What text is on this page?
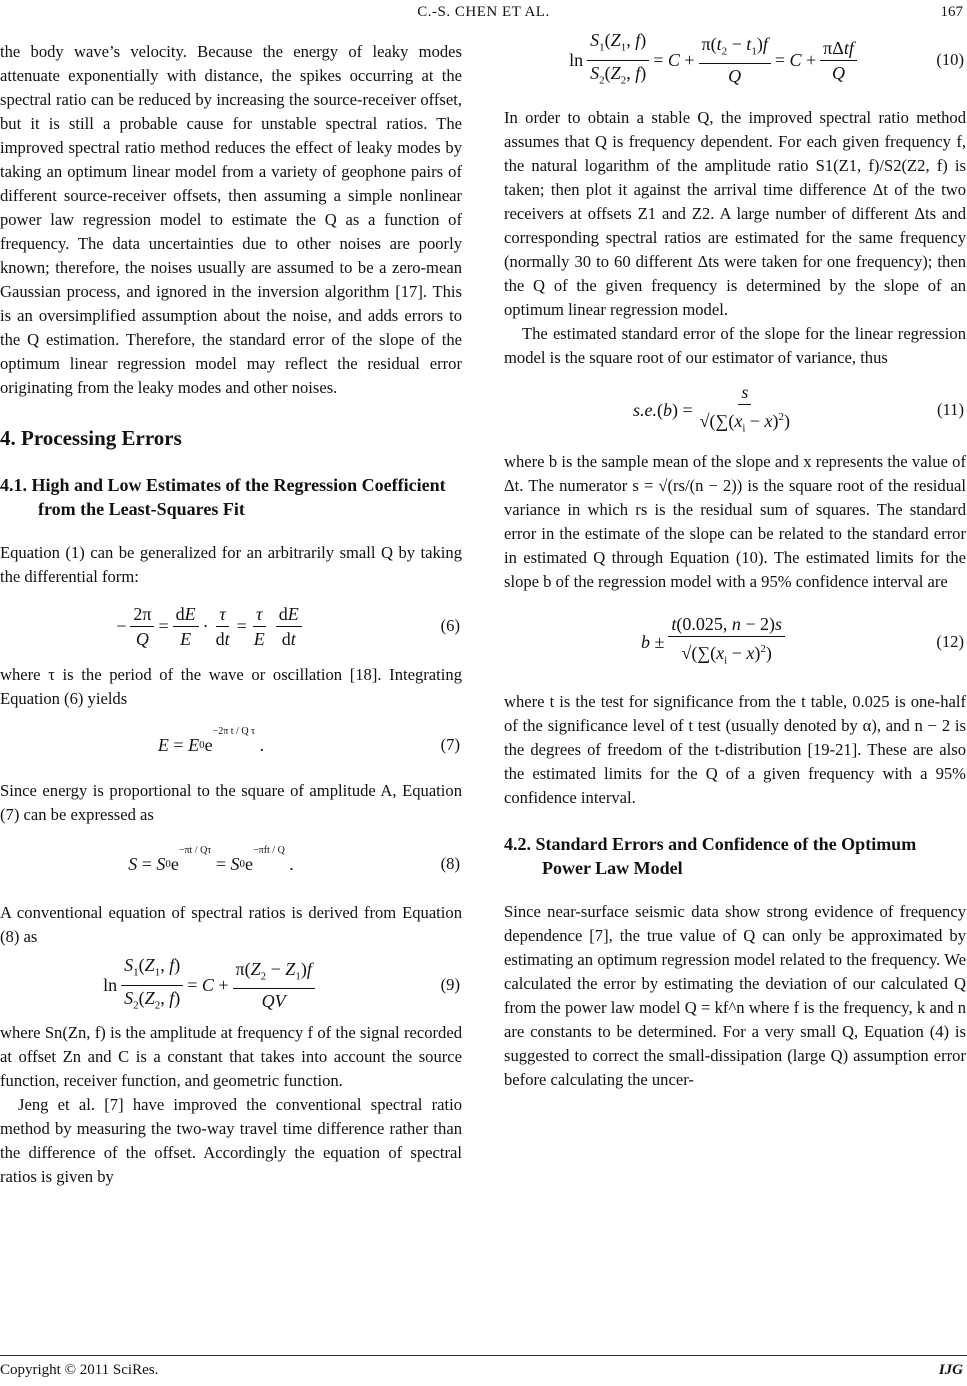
C.-S. CHEN ET AL.	167

the body wave’s velocity. Because the energy of leaky modes attenuate exponentially with distance, the spikes occurring at the spectral ratio can be reduced by increasing the source-receiver offset, but it is still a probable cause for unstable spectral ratios. The improved spectral ratio method reduces the effect of leaky modes by taking an optimum linear model from a variety of geophone pairs of different source-receiver offsets, then assuming a simple nonlinear power law regression model to estimate the Q as a function of frequency. The data uncertainties due to other noises are poorly known; therefore, the noises usually are assumed to be a zero-mean Gaussian process, and ignored in the inversion algorithm [17]. This is an oversimplified assumption about the noise, and adds errors to the Q estimation. Therefore, the standard error of the slope of the optimum linear regression model may reflect the residual error originating from the leaky modes and other noises.

4. Processing Errors
4.1. High and Low Estimates of the Regression Coefficient from the Least-Squares Fit

Equation (1) can be generalized for an arbitrarily small Q by taking the differential form:

− $\frac{2\pi}{Q} = \frac{dE}{E} \cdot \frac{\tau}{dt} = \frac{\tau}{E} \frac{dE}{dt}$	(6)

where τ is the period of the wave or oscillation [18]. Integrating Equation (6) yields

E = E 0 e
−2π t / Q τ
.	(7)

Since energy is proportional to the square of amplitude A, Equation (7) can be expressed as

S = S 0 e
−πt / Qτ
= S 0 e
−πft / Q
.	(8)

A conventional equation of spectral ratios is derived from Equation (8) as

$\ln \frac{S_1(Z_1, f)}{S_2(Z_2, f)} = C + \frac{\pi(Z_2 - Z_1)f}{QV}$	(9)

where Sn(Zn, f) is the amplitude at frequency f of the signal recorded at offset Zn and C is a constant that takes into account the source function, receiver function, and geometric function.

Jeng et al. [7] have improved the conventional spectral ratio method by measuring the two-way travel time difference rather than the difference of the offset. Accordingly the equation of spectral ratios is given by

$\ln \frac{S_1(Z_1, f)}{S_2(Z_2, f)} = C + \frac{\pi(t_2 - t_1)f}{Q} = C + \frac{\text{πΔtf}}{Q}$	(10)

In order to obtain a stable Q, the improved spectral ratio method assumes that Q is frequency dependent. For each given frequency f, the natural logarithm of the amplitude ratio S1(Z1, f)/S2(Z2, f) is taken; then plot it against the arrival time difference Δt of the two receivers at offsets Z1 and Z2. A large number of different Δts and corresponding spectral ratios are estimated for the same frequency (normally 30 to 60 different Δts were taken for one frequency); then the Q of the given frequency is determined by the slope of an optimum linear regression model.

The estimated standard error of the slope for the linear regression model is the square root of our estimator of variance, thus

s.e. ( b ) = $\frac{s}{√(\sum(x_i - x)^2)}$	(11)

where b is the sample mean of the slope and x represents the value of Δt. The numerator s = √(rs/(n − 2)) is the square root of the residual variance in which rs is the residual sum of squares. The standard error in the estimate of the slope can be related to the standard error in estimated Q through Equation (10). The estimated limits for the slope b of the regression model with a 95% confidence interval are

$b \pm \frac{t(0.025, n - 2)s}{√(\sum(x_i - x)^2)}$	(12)

where t is the test for significance from the t table, 0.025 is one-half of the significance level of t test (usually denoted by α), and n − 2 is the degrees of freedom of the t-distribution [19-21]. These are also the estimated limits for the Q of a given frequency with a 95% confidence interval.

4.2. Standard Errors and Confidence of the Optimum Power Law Model

Since near-surface seismic data show strong evidence of frequency dependence [7], the true value of Q can only be approximated by estimating an optimum regression model related to the frequency. We calculated the error by estimating the deviation of our calculated Q from the power law model Q = kf^n where f is the frequency, k and n are constants to be determined. For a very small Q, Equation (4) is suggested to correct the small-dissipation (large Q) assumption error before calculating the uncer-

Copyright © 2011 SciRes.	IJG
